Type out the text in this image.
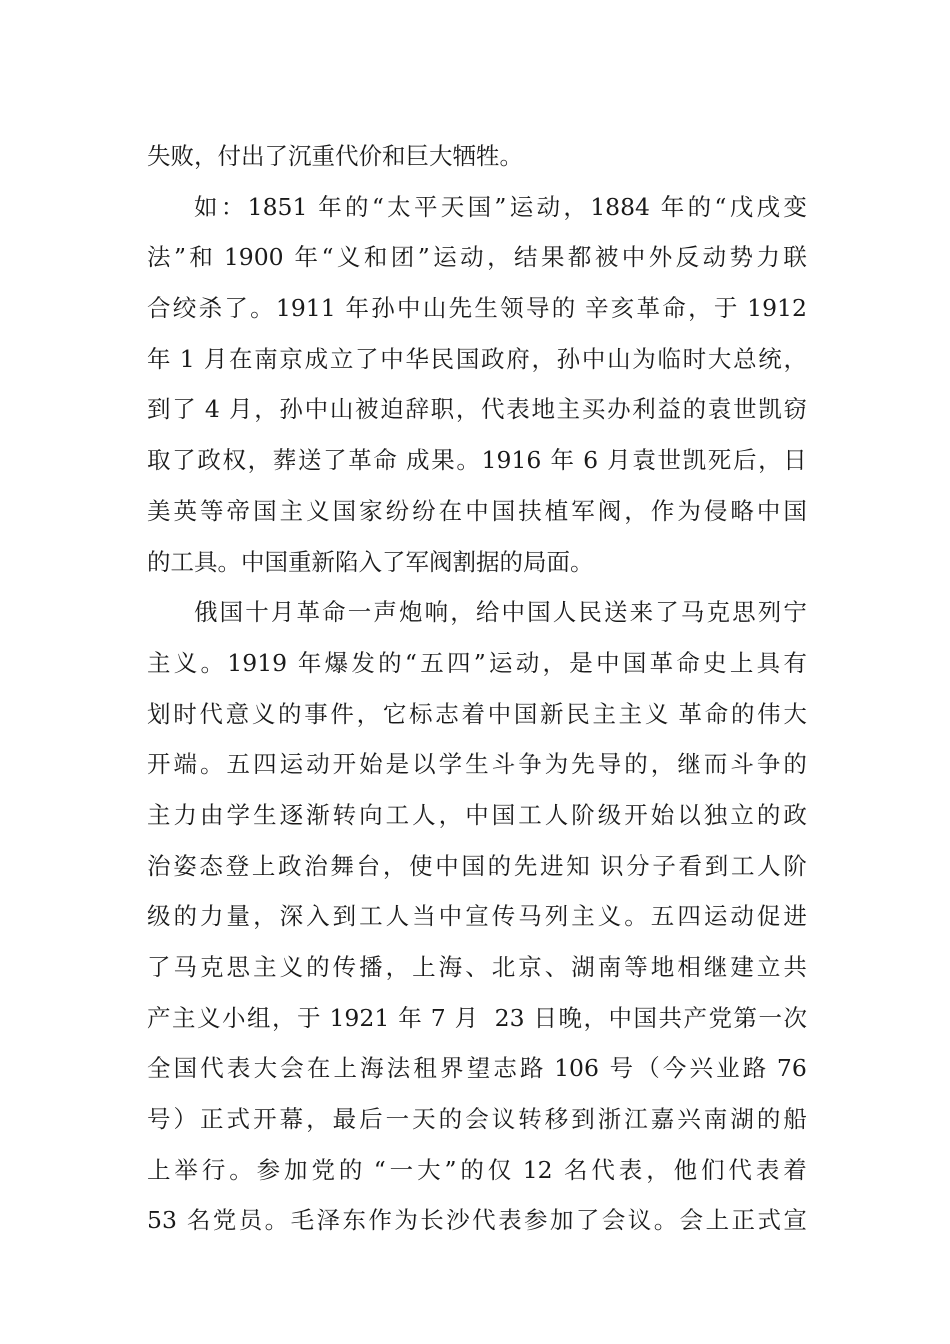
失败，付出了沉重代价和巨大牺牲。
如 ： 1851 年 的 “ 太 平 天 国 ” 运 动 ， 1884 年 的 “ 戊 戌 变
法 ” 和 1900 年 “ 义 和 团 ” 运 动 ， 结 果 都 被 中 外 反 动 势 力 联
合 绞 杀 了 。 1911 年 孙 中 山 先 生 领 导 的 辛 亥 革 命 ， 于 1912
年 1 月 在 南 京 成 立 了 中 华 民 国 政 府 ， 孙 中 山 为 临 时 大 总 统 ，
到 了 4 月 ， 孙 中 山 被 迫 辞 职 ， 代 表 地 主 买 办 利 益 的 袁 世 凯 窃
取 了 政 权 ， 葬 送 了 革 命 成 果 。 1916 年 6 月 袁 世 凯 死 后 ， 日
美 英 等 帝 国 主 义 国 家 纷 纷 在 中 国 扶 植 军 阀 ， 作 为 侵 略 中 国
的工具。中国重新陷入了军阀割据的局面。
俄 国 十 月 革 命 一 声 炮 响 ， 给 中 国 人 民 送 来 了 马 克 思 列 宁
主 义 。 1919 年 爆 发 的 “ 五 四 ” 运 动 ， 是 中 国 革 命 史 上 具 有
划 时 代 意 义 的 事 件 ， 它 标 志 着 中 国 新 民 主 主 义 革 命 的 伟 大
开 端 。 五 四 运 动 开 始 是 以 学 生 斗 争 为 先 导 的 ， 继 而 斗 争 的
主 力 由 学 生 逐 渐 转 向 工 人 ， 中 国 工 人 阶 级 开 始 以 独 立 的 政
治 姿 态 登 上 政 治 舞 台 ， 使 中 国 的 先 进 知 识 分 子 看 到 工 人 阶
级 的 力 量 ， 深 入 到 工 人 当 中 宣 传 马 列 主 义 。 五 四 运 动 促 进
了 马 克 思 主 义 的 传 播 ， 上 海 、 北 京 、 湖 南 等 地 相 继 建 立 共
产 主 义 小 组 ， 于 1921 年 7 月 23 日 晚 ， 中 国 共 产 党 第 一 次
全 国 代 表 大 会 在 上 海 法 租 界 望 志 路 106 号 （ 今 兴 业 路 76
号 ） 正 式 开 幕 ， 最 后 一 天 的 会 议 转 移 到 浙 江 嘉 兴 南 湖 的 船
上 举 行 。 参 加 党 的 “ 一 大 ” 的 仅 12 名 代 表 ， 他 们 代 表 着
53 名 党 员 。 毛 泽 东 作 为 长 沙 代 表 参 加 了 会 议 。 会 上 正 式 宣
